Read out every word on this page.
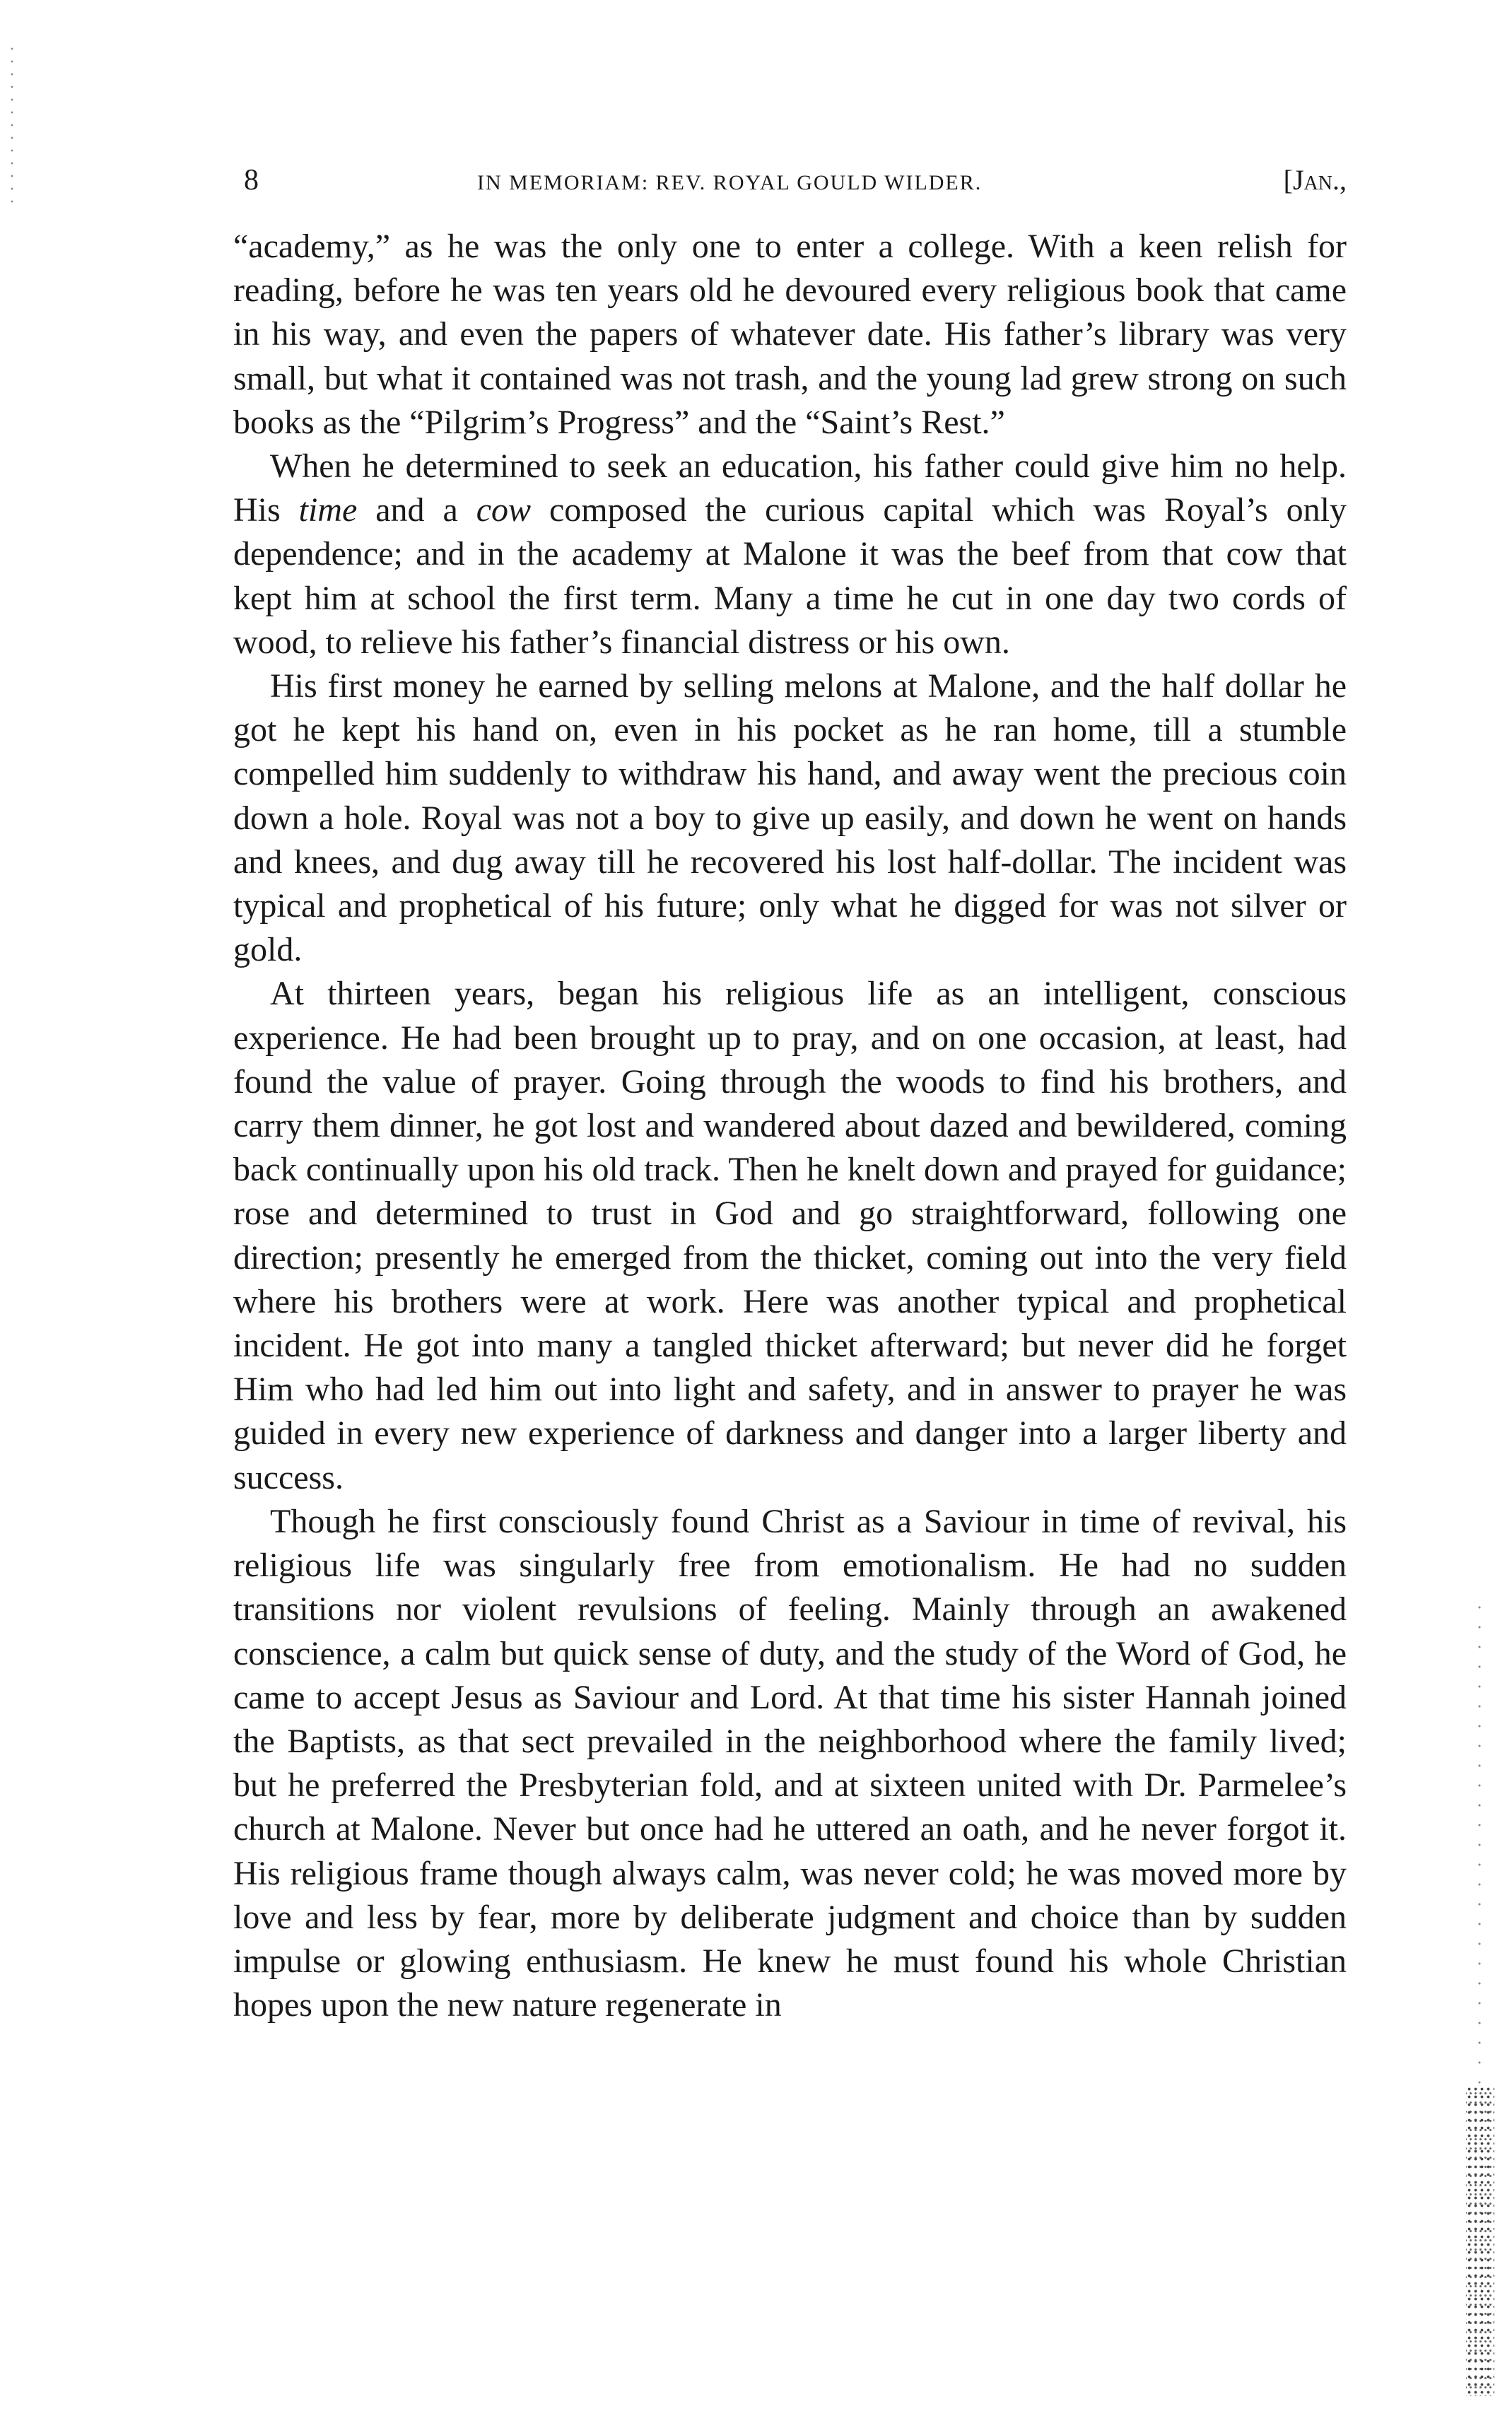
8	IN MEMORIAM: REV. ROYAL GOULD WILDER.	[Jan.,

“academy,” as he was the only one to enter a college. With a keen relish for reading, before he was ten years old he devoured every religious book that came in his way, and even the papers of whatever date. His father’s library was very small, but what it contained was not trash, and the young lad grew strong on such books as the “Pilgrim’s Progress” and the “Saint’s Rest.”

When he determined to seek an education, his father could give him no help. His time and a cow composed the curious capital which was Royal’s only dependence; and in the academy at Malone it was the beef from that cow that kept him at school the first term. Many a time he cut in one day two cords of wood, to relieve his father’s financial distress or his own.

His first money he earned by selling melons at Malone, and the half dollar he got he kept his hand on, even in his pocket as he ran home, till a stumble compelled him suddenly to withdraw his hand, and away went the precious coin down a hole. Royal was not a boy to give up easily, and down he went on hands and knees, and dug away till he recovered his lost half-dollar. The incident was typical and prophetical of his future; only what he digged for was not silver or gold.

At thirteen years, began his religious life as an intelligent, conscious experience. He had been brought up to pray, and on one occasion, at least, had found the value of prayer. Going through the woods to find his brothers, and carry them dinner, he got lost and wandered about dazed and bewildered, coming back continually upon his old track. Then he knelt down and prayed for guidance; rose and determined to trust in God and go straightforward, following one direction; presently he emerged from the thicket, coming out into the very field where his brothers were at work. Here was another typical and prophetical incident. He got into many a tangled thicket afterward; but never did he forget Him who had led him out into light and safety, and in answer to prayer he was guided in every new experience of darkness and danger into a larger liberty and success.

Though he first consciously found Christ as a Saviour in time of revival, his religious life was singularly free from emotionalism. He had no sudden transitions nor violent revulsions of feeling. Mainly through an awakened conscience, a calm but quick sense of duty, and the study of the Word of God, he came to accept Jesus as Saviour and Lord. At that time his sister Hannah joined the Baptists, as that sect prevailed in the neighborhood where the family lived; but he preferred the Presbyterian fold, and at sixteen united with Dr. Parmelee’s church at Malone. Never but once had he uttered an oath, and he never forgot it. His religious frame though always calm, was never cold; he was moved more by love and less by fear, more by deliberate judgment and choice than by sudden impulse or glowing enthusiasm. He knew he must found his whole Christian hopes upon the new nature regenerate in
